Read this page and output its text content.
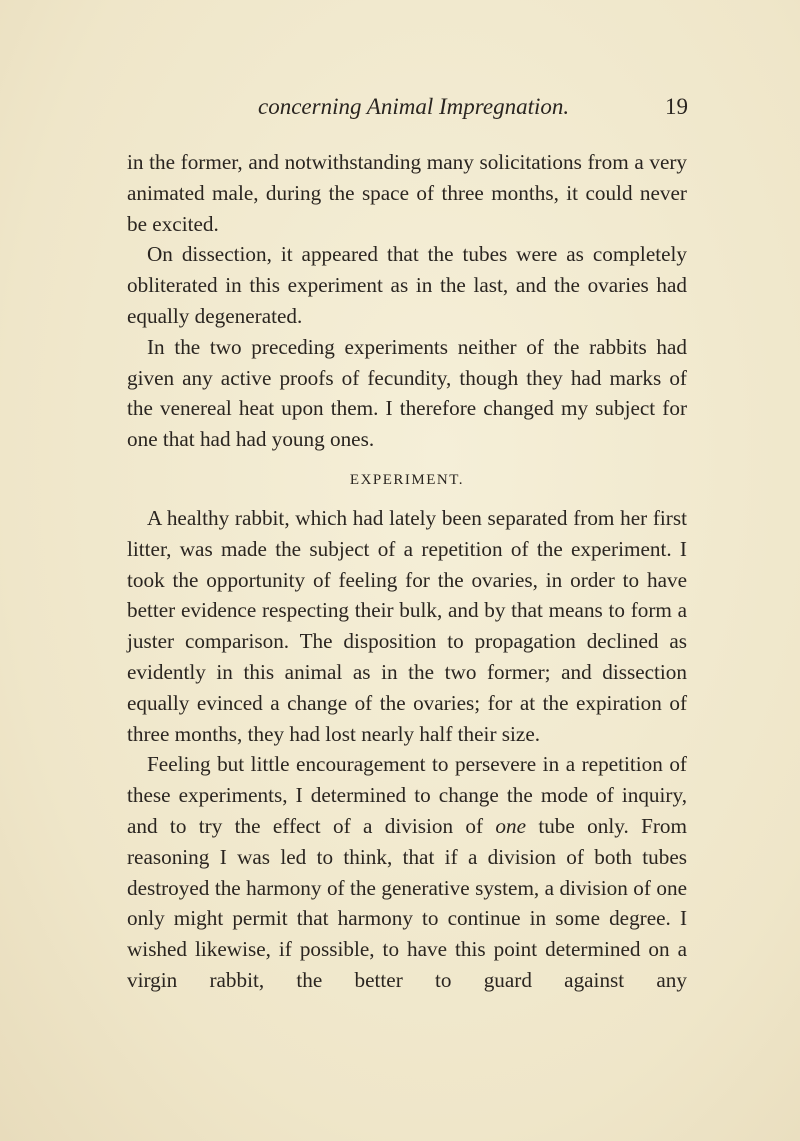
concerning Animal Impregnation.	19

in the former, and notwithstanding many solicitations from a very animated male, during the space of three months, it could never be excited.

On dissection, it appeared that the tubes were as completely obliterated in this experiment as in the last, and the ovaries had equally degenerated.

In the two preceding experiments neither of the rabbits had given any active proofs of fecundity, though they had marks of the venereal heat upon them. I therefore changed my subject for one that had had young ones.

EXPERIMENT.

A healthy rabbit, which had lately been separated from her first litter, was made the subject of a repetition of the experiment. I took the opportunity of feeling for the ovaries, in order to have better evidence respecting their bulk, and by that means to form a juster comparison. The disposition to propagation declined as evidently in this animal as in the two former; and dissection equally evinced a change of the ovaries; for at the expiration of three months, they had lost nearly half their size.

Feeling but little encouragement to persevere in a repetition of these experiments, I determined to change the mode of inquiry, and to try the effect of a division of one tube only. From reasoning I was led to think, that if a division of both tubes destroyed the harmony of the generative system, a division of one only might permit that harmony to continue in some degree. I wished likewise, if possible, to have this point determined on a virgin rabbit, the better to guard against any
